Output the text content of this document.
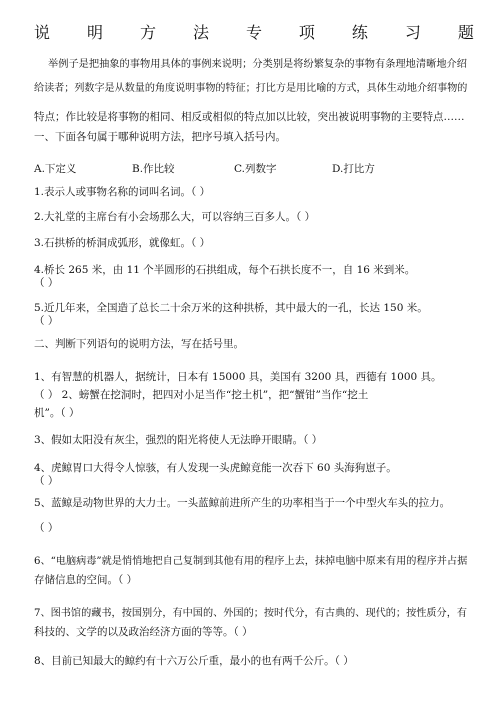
说 明 方 法 专 项 练 习 题
举例子是把抽象的事物用具体的事例来说明；分类别是将纷繁复杂的事物有条理地清晰地介绍
给读者；列数字是从数量的角度说明事物的特征；打比方是用比喻的方式，具体生动地介绍事物的
特点；作比较是将事物的相同、相反或相似的特点加以比较，突出被说明事物的主要特点……
一、下面各句属于哪种说明方法，把序号填入括号内。
A.下定义	B.作比较	C.列数字	D.打比方
1.表示人或事物名称的词叫名词。（ ）
2.大礼堂的主席台有小会场那么大，可以容纳三百多人。（ ）
3.石拱桥的桥洞成弧形，就像虹。（ ）
4.桥长 265 米，由 11 个半圆形的石拱组成，每个石拱长度不一，自 16 米到米。
（ ）
5.近几年来，全国造了总长二十余万米的这种拱桥，其中最大的一孔，长达 150 米。
（ ）
二、判断下列语句的说明方法，写在括号里。
1、有智慧的机器人，据统计，日本有 15000 具，美国有 3200 具，西德有 1000 具。
（ ） 2、螃蟹在挖洞时，把四对小足当作“挖土机”，把“蟹钳”当作“挖土
机”。（ ）
3、假如太阳没有灰尘，强烈的阳光将使人无法睁开眼睛。（ ）
4、虎鲸胃口大得令人惊骇，有人发现一头虎鲸竟能一次吞下 60 头海狗崽子。
（ ）
5、蓝鲸是动物世界的大力士。一头蓝鲸前进所产生的功率相当于一个中型火车头的拉力。
（ ）
6、“电脑病毒”就是悄悄地把自己复制到其他有用的程序上去，抹掉电脑中原来有用的程序并占据
存储信息的空间。（ ）
7、图书馆的藏书，按国别分，有中国的、外国的；按时代分，有古典的、现代的；按性质分，有
科技的、文学的以及政治经济方面的等等。（ ）
8、目前已知最大的鲸约有十六万公斤重，最小的也有两千公斤。（ ）
